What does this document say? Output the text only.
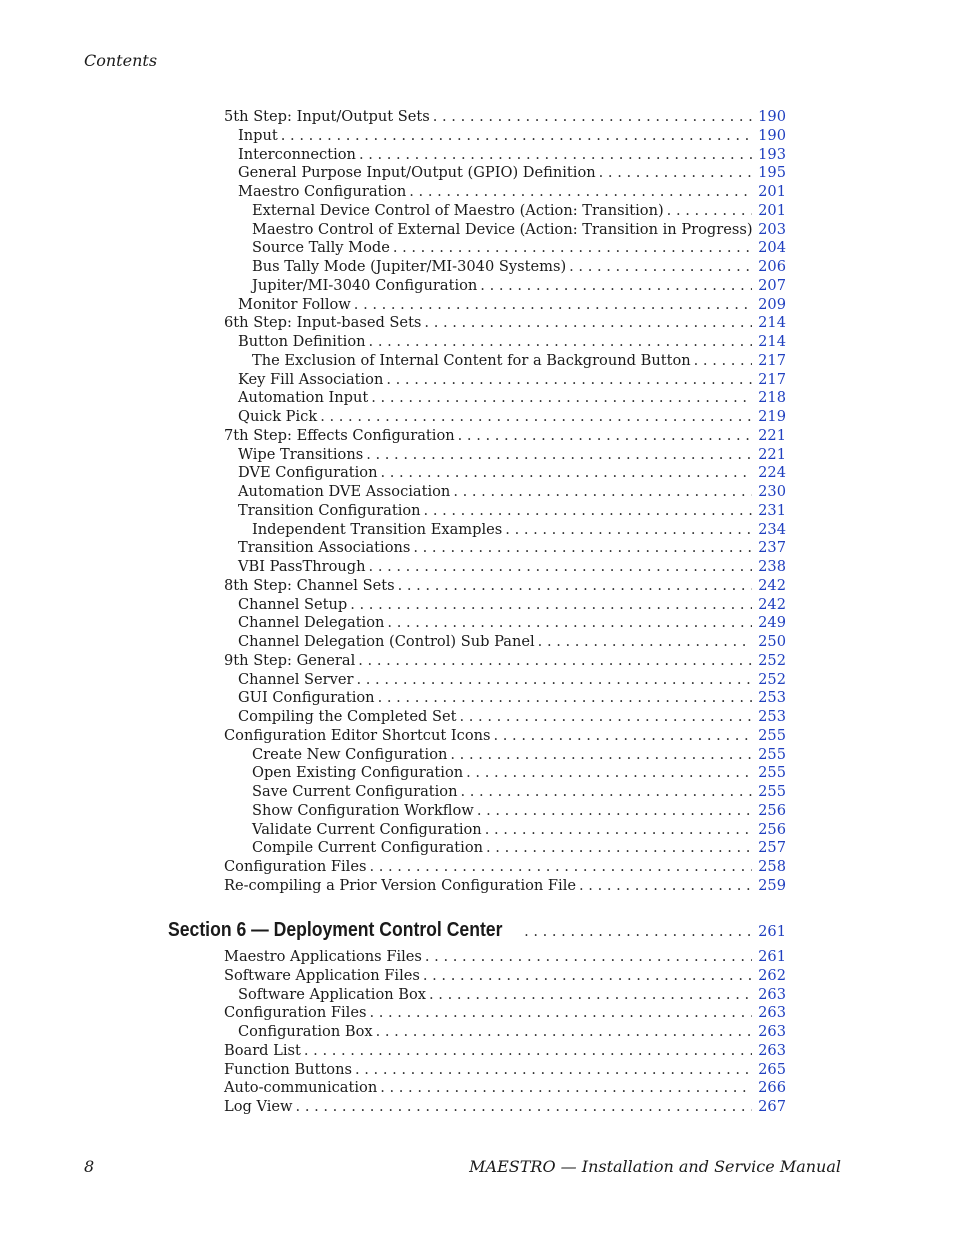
Contents
5th Step: Input/Output Sets . . .	190
Input . . .	190
Interconnection . . .	193
General Purpose Input/Output (GPIO) Definition . . .	195
Maestro Configuration . . .	201
External Device Control of Maestro (Action: Transition) . . .	201
Maestro Control of External Device (Action: Transition in Progress) 203
Source Tally Mode . . .	204
Bus Tally Mode (Jupiter/MI-3040 Systems) . . .	206
Jupiter/MI-3040 Configuration . . .	207
Monitor Follow . . .	209
6th Step: Input-based Sets . . .	214
Button Definition . . .	214
The Exclusion of Internal Content for a Background Button . . .	217
Key Fill Association . . .	217
Automation Input . . .	218
Quick Pick . . .	219
7th Step: Effects Configuration . . .	221
Wipe Transitions . . .	221
DVE Configuration . . .	224
Automation DVE Association . . .	230
Transition Configuration . . .	231
Independent Transition Examples . . .	234
Transition Associations . . .	237
VBI PassThrough . . .	238
8th Step: Channel Sets . . .	242
Channel Setup . . .	242
Channel Delegation . . .	249
Channel Delegation (Control) Sub Panel . . .	250
9th Step: General . . .	252
Channel Server . . .	252
GUI Configuration . . .	253
Compiling the Completed Set . . .	253
Configuration Editor Shortcut Icons . . .	255
Create New Configuration . . .	255
Open Existing Configuration . . .	255
Save Current Configuration . . .	255
Show Configuration Workflow . . .	256
Validate Current Configuration . . .	256
Compile Current Configuration . . .	257
Configuration Files . . .	258
Re-compiling a Prior Version Configuration File . . .	259
Section 6 — Deployment Control Center . . .	261
Maestro Applications Files . . .	261
Software Application Files . . .	262
Software Application Box . . .	263
Configuration Files . . .	263
Configuration Box . . .	263
Board List . . .	263
Function Buttons . . .	265
Auto-communication . . .	266
Log View . . .	267
8	MAESTRO — Installation and Service Manual
